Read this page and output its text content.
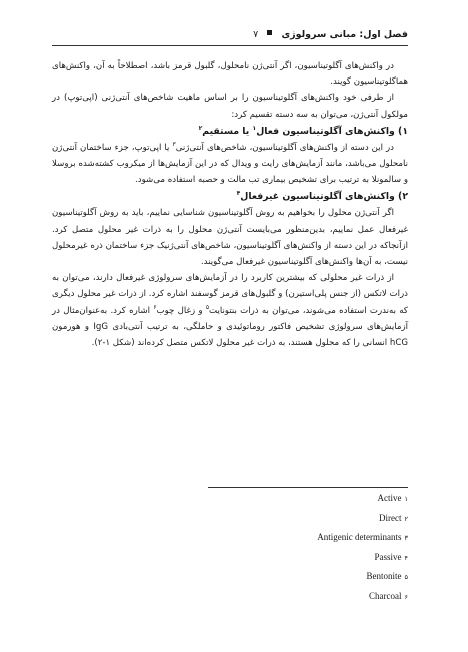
فصل اول: مبانی سرولوژی  ۷

در واکنش‌های آگلوتیناسیون، اگر آنتی‌ژن نامحلول، گلبول قرمز باشد، اصطلاحاً به آن، واکنش‌های هماگلوتیناسیون گویند.

از طرفی خود واکنش‌های آگلوتیناسیون را بر اساس ماهیت شاخص‌های آنتی‌ژنی (اپی‌توپ) در مولکول آنتی‌ژن، می‌توان به سه دسته تقسیم کرد:

۱) واکنش‌های آگلوتیناسیون فعال$^۱$ یا مستقیم$^۲$

در این دسته از واکنش‌های آگلوتیناسیون، شاخص‌های آنتی‌ژنی$^۳$ یا اپی‌توپ، جزء ساختمان آنتی‌ژن نامحلول می‌باشد، مانند آزمایش‌های رایت و ویدال که در این آزمایش‌ها از میکروب کشته‌شده بروسلا و سالمونلا به ترتیب برای تشخیص بیماری تب مالت و حصبه استفاده می‌شود.

۲) واکنش‌های آگلوتیناسیون غیرفعال$^۴$

اگر آنتی‌ژن محلول را بخواهیم به روش آگلوتیناسیون شناسایی نماییم، باید به روش آگلوتیناسیون غیرفعال عمل نماییم، بدین‌منظور می‌بایست آنتی‌ژن محلول را به ذرات غیر محلول متصل کرد. ازآنجاکه در این دسته از واکنش‌های آگلوتیناسیون، شاخص‌های آنتی‌ژنیک جزء ساختمان ذره غیرمحلول نیست، به آن‌ها واکنش‌های آگلوتیناسیون غیرفعال می‌گویند.

از ذرات غیر محلولی که بیشترین کاربرد را در آزمایش‌های سرولوژی غیرفعال دارند، می‌توان به ذرات لاتکس (از جنس پلی‌استیرن) و گلبول‌های قرمز گوسفند اشاره کرد. از ذرات غیر محلول دیگری که به‌ندرت استفاده می‌شوند، می‌توان به ذرات بنتونایت$^۵$ و زغال چوب$^۶$ اشاره کرد. به‌عنوان‌مثال در آزمایش‌های سرولوژی تشخیص فاکتور روماتوئیدی و حاملگی، به ترتیب آنتی‌بادی IgG و هورمون hCG انسانی را که محلول هستند، به ذرات غیر محلول لاتکس متصل کرده‌اند (شکل ۱-۲).

۱
Active
۲
Direct
۳
Antigenic determinants
۴
Passive
۵
Bentonite
۶
Charcoal
